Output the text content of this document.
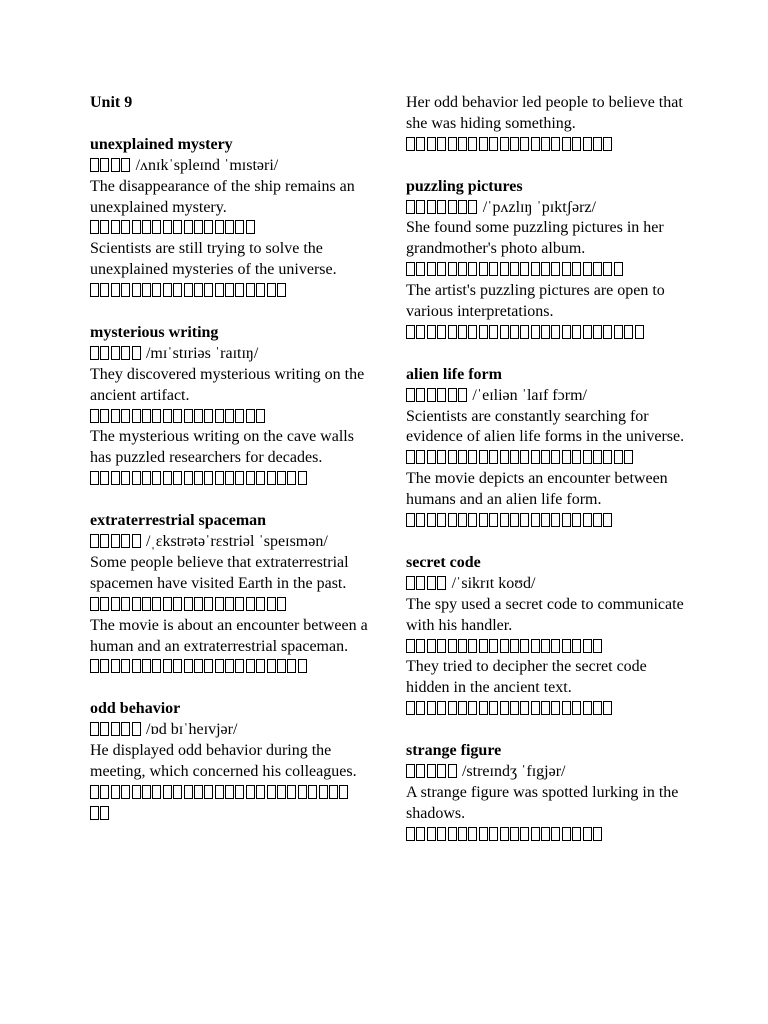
Unit 9
unexplained mystery
/ʌnɪkˈspleɪnd ˈmɪstəri/
The disappearance of the ship remains an unexplained mystery.
Scientists are still trying to solve the unexplained mysteries of the universe.
mysterious writing
/mɪˈstɪriəs ˈraɪtɪŋ/
They discovered mysterious writing on the ancient artifact.
The mysterious writing on the cave walls has puzzled researchers for decades.
extraterrestrial spaceman
/ˌɛkstrətəˈrɛstriəl ˈspeɪsmən/
Some people believe that extraterrestrial spacemen have visited Earth in the past.
The movie is about an encounter between a human and an extraterrestrial spaceman.
odd behavior
/ɒd bɪˈheɪvjər/
He displayed odd behavior during the meeting, which concerned his colleagues.
Her odd behavior led people to believe that she was hiding something.
puzzling pictures
/ˈpʌzlɪŋ ˈpɪktʃərz/
She found some puzzling pictures in her grandmother's photo album.
The artist's puzzling pictures are open to various interpretations.
alien life form
/ˈeɪliən ˈlaɪf fɔrm/
Scientists are constantly searching for evidence of alien life forms in the universe.
The movie depicts an encounter between humans and an alien life form.
secret code
/ˈsikrɪt koʊd/
The spy used a secret code to communicate with his handler.
They tried to decipher the secret code hidden in the ancient text.
strange figure
/streɪndʒ ˈfɪgjər/
A strange figure was spotted lurking in the shadows.
